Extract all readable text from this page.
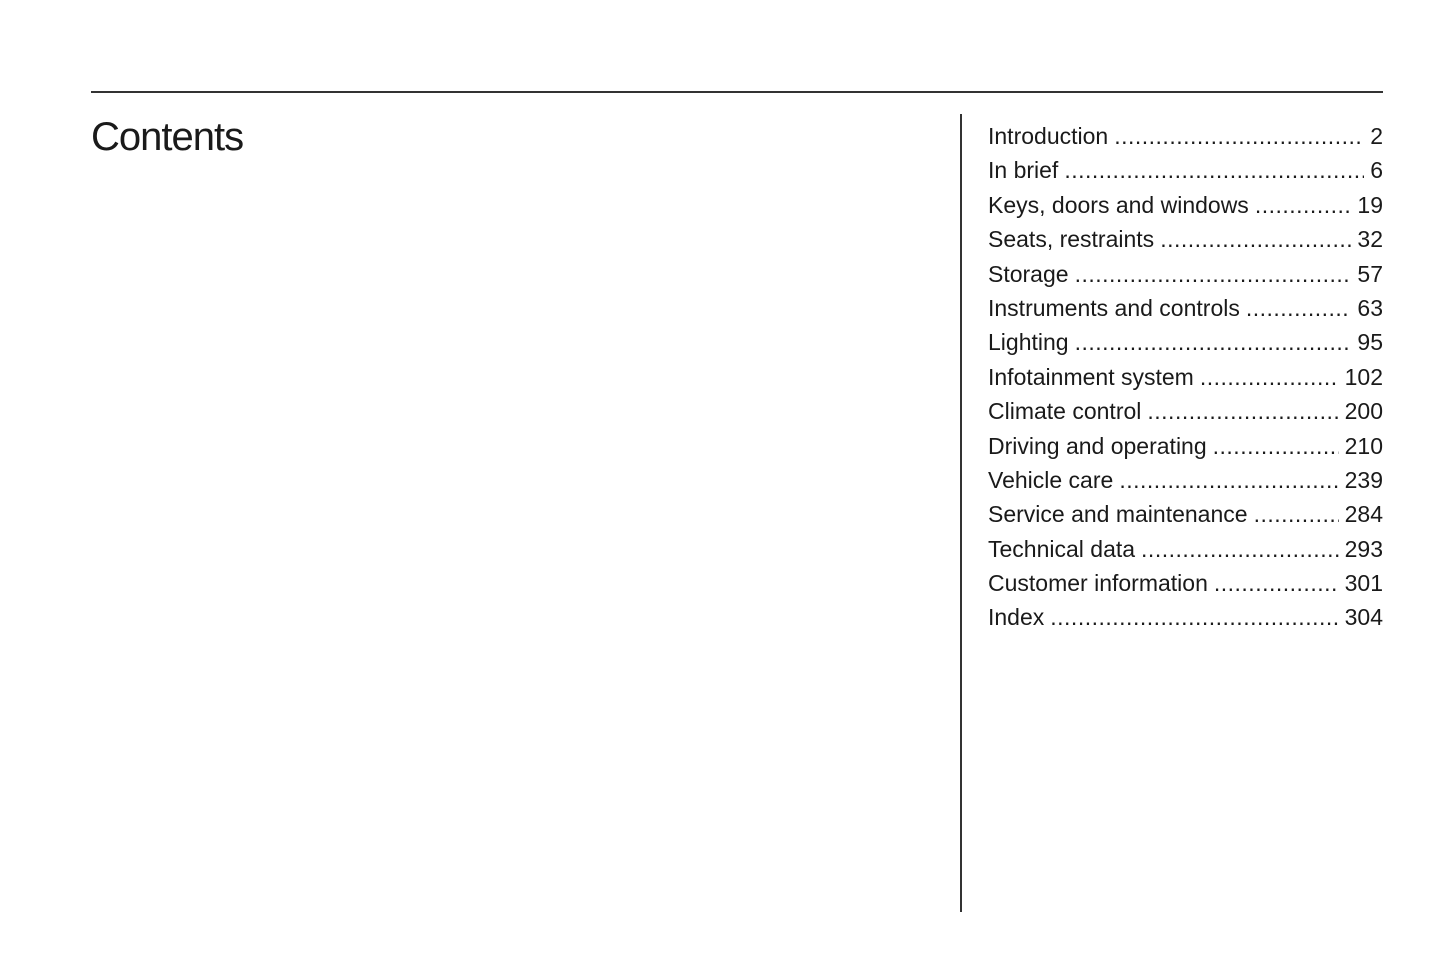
Contents	Introduction .....	2
In brief .....	6
Keys, doors and windows .....	19
Seats, restraints .....	32
Storage .....	57
Instruments and controls .....	63
Lighting .....	95
Infotainment system .....	102
Climate control .....	200
Driving and operating .....	210
Vehicle care .....	239
Service and maintenance .....	284
Technical data .....	293
Customer information .....	301
Index .....	304
